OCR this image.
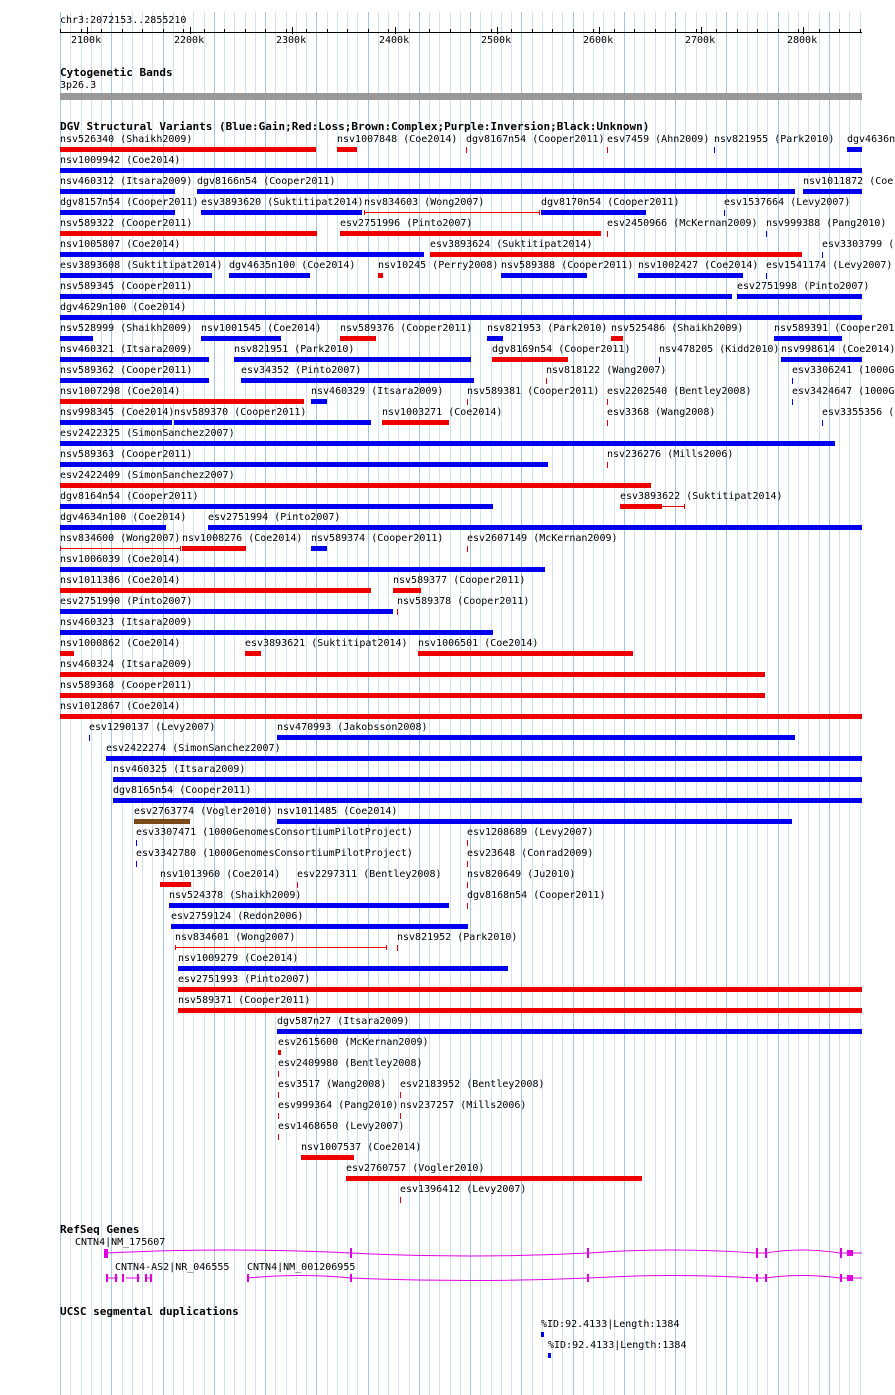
chr3:2072153..2855210
2100k	2200k	2300k	2400k	2500k	2600k	2700k	2800k
Cytogenetic Bands
3p26.3
DGV Structural Variants (Blue:Gain;Red:Loss;Brown:Complex;Purple:Inversion;Black:Unknown)
nsv526340 (Shaikh2009)	nsv1007848 (Coe2014) dgv8167n54 (Cooper2011) esv7459 (Ahn2009) nsv821955 (Park2010) dgv4636n
nsv1009942 (Coe2014)
nsv460312 (Itsara2009) dgv8166n54 (Cooper2011)	nsv1011872 (Coe
dgv8157n54 (Cooper2011) esv3893620 (Suktitipat2014) nsv834603 (Wong2007)	dgv8170n54 (Cooper2011)	esv1537664 (Levy2007)
nsv589322 (Cooper2011)	esv2751996 (Pinto2007)	esv2450966 (McKernan2009) nsv999388 (Pang2010)
nsv1005807 (Coe2014)	esv3893624 (Suktitipat2014)	esv3303799 (
esv3893608 (Suktitipat2014) dgv4635n100 (Coe2014) nsv10245 (Perry2008) nsv589388 (Cooper2011) nsv1002427 (Coe2014) esv1541174 (Levy2007)
nsv589345 (Cooper2011)	esv2751998 (Pinto2007)
dgv4629n100 (Coe2014)
nsv528999 (Shaikh2009) nsv1001545 (Coe2014) nsv589376 (Cooper2011) nsv821953 (Park2010) nsv525486 (Shaikh2009)	nsv589391 (Cooper201
nsv460321 (Itsara2009)	nsv821951 (Park2010)	dgv8169n54 (Cooper2011)	nsv478205 (Kidd2010) nsv998614 (Coe2014)
nsv589362 (Cooper2011)	esv34352 (Pinto2007)	nsv818122 (Wang2007)	esv3306241 (1000G
nsv1007298 (Coe2014)	nsv460329 (Itsara2009) nsv589381 (Cooper2011) esv2202540 (Bentley2008)	esv3424647 (1000G
nsv998345 (Coe2014) nsv589370 (Cooper2011)	nsv1003271 (Coe2014)	esv3368 (Wang2008)	esv3355356 (
esv2422325 (SimonSanchez2007)
nsv589363 (Cooper2011)	nsv236276 (Mills2006)
esv2422409 (SimonSanchez2007)
dgv8164n54 (Cooper2011)	esv3893622 (Suktitipat2014)
dgv4634n100 (Coe2014) esv2751994 (Pinto2007)
nsv834600 (Wong2007) nsv1008276 (Coe2014) nsv589374 (Cooper2011) esv2607149 (McKernan2009)
nsv1006039 (Coe2014)
nsv1011386 (Coe2014)	nsv589377 (Cooper2011)
esv2751990 (Pinto2007)	nsv589378 (Cooper2011)
nsv460323 (Itsara2009)
nsv1000862 (Coe2014)	esv3893621 (Suktitipat2014) nsv1006501 (Coe2014)
nsv460324 (Itsara2009)
nsv589368 (Cooper2011)
nsv1012867 (Coe2014)
esv1290137 (Levy2007)	nsv470993 (Jakobsson2008)
esv2422274 (SimonSanchez2007)
nsv460325 (Itsara2009)
dgv8165n54 (Cooper2011)
esv2763774 (Vogler2010) nsv1011485 (Coe2014)
esv3307471 (1000GenomesConsortiumPilotProject)	esv1208689 (Levy2007)
esv3342780 (1000GenomesConsortiumPilotProject)	esv23648 (Conrad2009)
nsv1013960 (Coe2014) esv2297311 (Bentley2008)	nsv820649 (Ju2010)
nsv524378 (Shaikh2009)	dgv8168n54 (Cooper2011)
esv2759124 (Redon2006)
nsv834601 (Wong2007)	nsv821952 (Park2010)
nsv1009279 (Coe2014)
esv2751993 (Pinto2007)
nsv589371 (Cooper2011)
dgv587n27 (Itsara2009)
esv2615600 (McKernan2009)
esv2409980 (Bentley2008)
esv3517 (Wang2008) esv2183952 (Bentley2008)
esv999364 (Pang2010) nsv237257 (Mills2006)
esv1468650 (Levy2007)
nsv1007537 (Coe2014)
esv2760757 (Vogler2010)
esv1396412 (Levy2007)
RefSeq Genes
CNTN4|NM_175607
CNTN4-AS2|NR_046555 CNTN4|NM_001206955
UCSC segmental duplications
%ID:92.4133|Length:1384
%ID:92.4133|Length:1384
